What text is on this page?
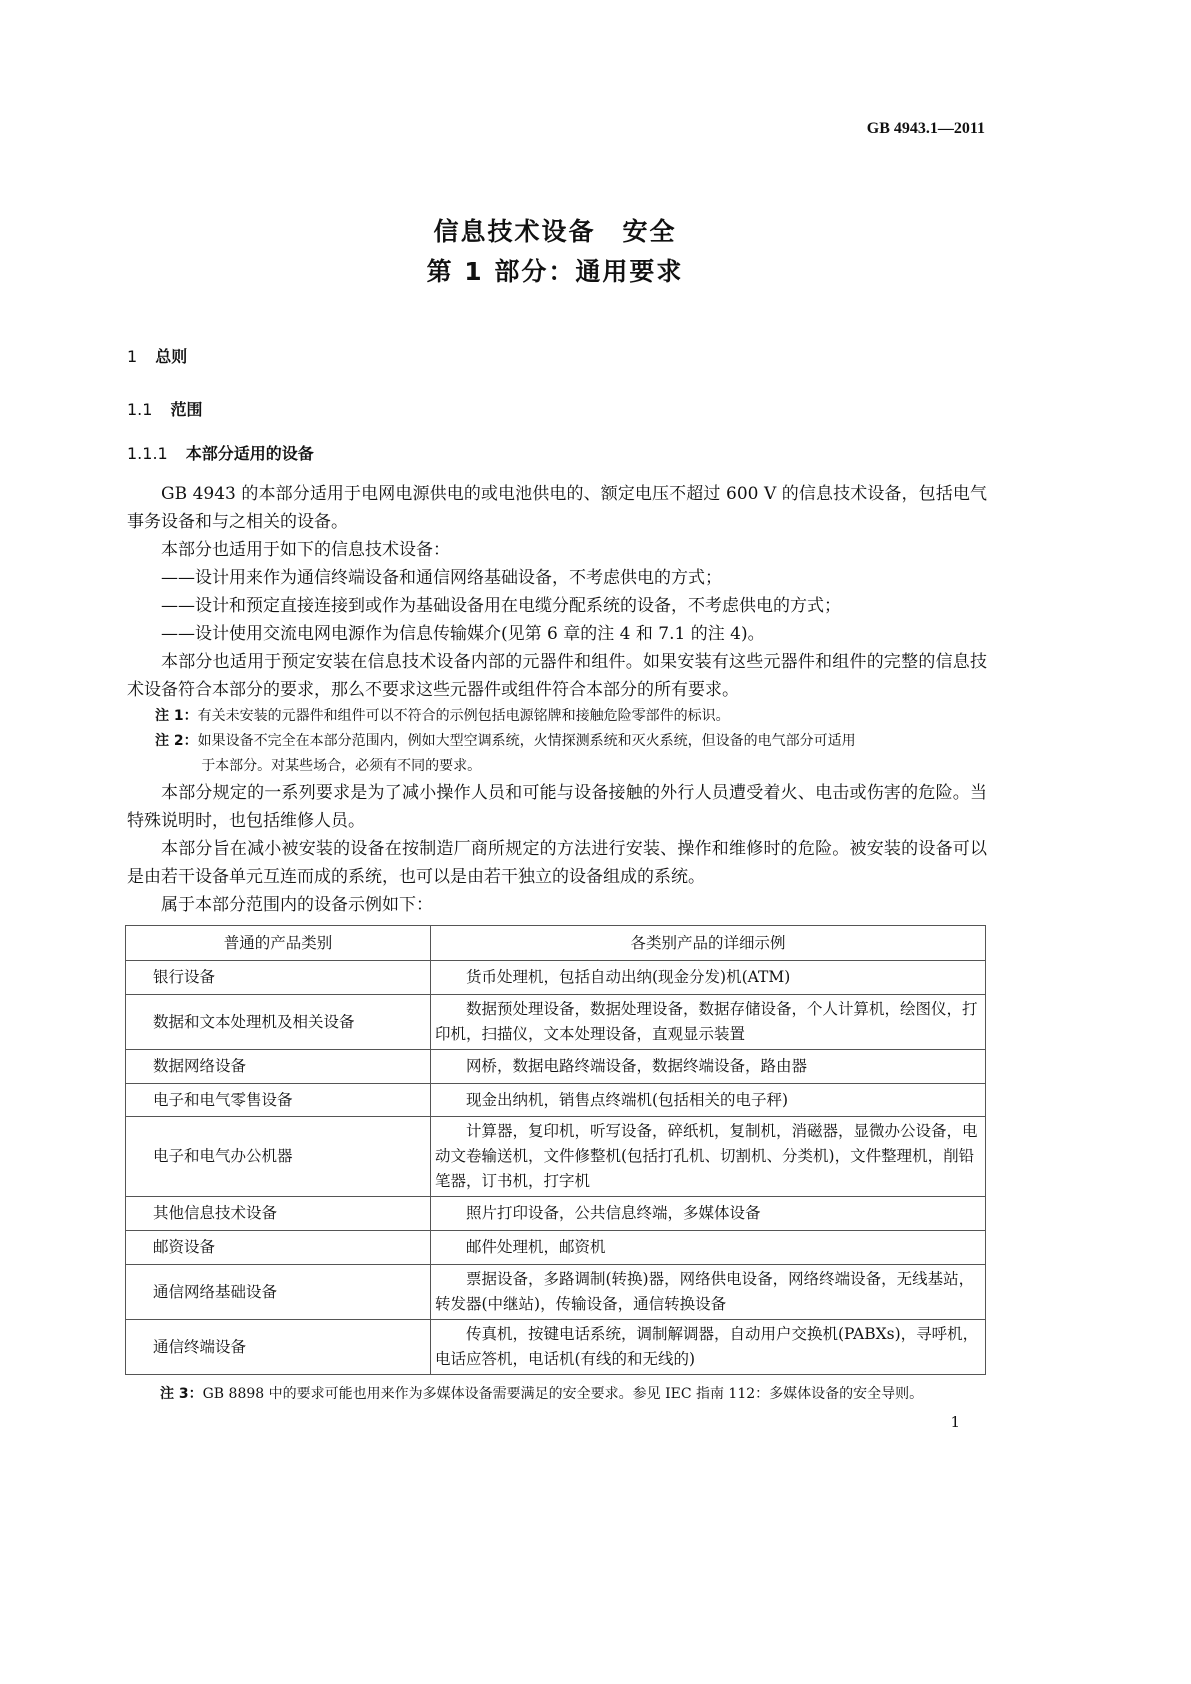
GB 4943.1—2011
信息技术设备　安全
第 1 部分：通用要求
1 总则
1.1 范围
1.1.1 本部分适用的设备

GB 4943 的本部分适用于电网电源供电的或电池供电的、额定电压不超过 600 V 的信息技术设备，包括电气事务设备和与之相关的设备。

本部分也适用于如下的信息技术设备：

——设计用来作为通信终端设备和通信网络基础设备，不考虑供电的方式；

——设计和预定直接连接到或作为基础设备用在电缆分配系统的设备，不考虑供电的方式；

——设计使用交流电网电源作为信息传输媒介(见第 6 章的注 4 和 7.1 的注 4)。

本部分也适用于预定安装在信息技术设备内部的元器件和组件。如果安装有这些元器件和组件的完整的信息技术设备符合本部分的要求，那么不要求这些元器件或组件符合本部分的所有要求。

注 1：有关未安装的元器件和组件可以不符合的示例包括电源铭牌和接触危险零部件的标识。

注 2：如果设备不完全在本部分范围内，例如大型空调系统，火情探测系统和灭火系统，但设备的电气部分可适用
于本部分。对某些场合，必须有不同的要求。

本部分规定的一系列要求是为了减小操作人员和可能与设备接触的外行人员遭受着火、电击或伤害的危险。当特殊说明时，也包括维修人员。

本部分旨在减小被安装的设备在按制造厂商所规定的方法进行安装、操作和维修时的危险。被安装的设备可以是由若干设备单元互连而成的系统，也可以是由若干独立的设备组成的系统。

属于本部分范围内的设备示例如下：

普通的产品类别	各类别产品的详细示例
银行设备	货币处理机，包括自动出纳(现金分发)机(ATM)
数据和文本处理机及相关设备	数据预处理设备，数据处理设备，数据存储设备，个人计算机，绘图仪，打印机，扫描仪，文本处理设备，直观显示装置
数据网络设备	网桥，数据电路终端设备，数据终端设备，路由器
电子和电气零售设备	现金出纳机，销售点终端机(包括相关的电子秤)
电子和电气办公机器	计算器，复印机，听写设备，碎纸机，复制机，消磁器，显微办公设备，电动文卷输送机，文件修整机(包括打孔机、切割机、分类机)，文件整理机，削铅笔器，订书机，打字机
其他信息技术设备	照片打印设备，公共信息终端，多媒体设备
邮资设备	邮件处理机，邮资机
通信网络基础设备	票据设备，多路调制(转换)器，网络供电设备，网络终端设备，无线基站，转发器(中继站)，传输设备，通信转换设备
通信终端设备	传真机，按键电话系统，调制解调器，自动用户交换机(PABXs)，寻呼机，电话应答机，电话机(有线的和无线的)
注 3：GB 8898 中的要求可能也用来作为多媒体设备需要满足的安全要求。参见 IEC 指南 112：多媒体设备的安全导则。
1
